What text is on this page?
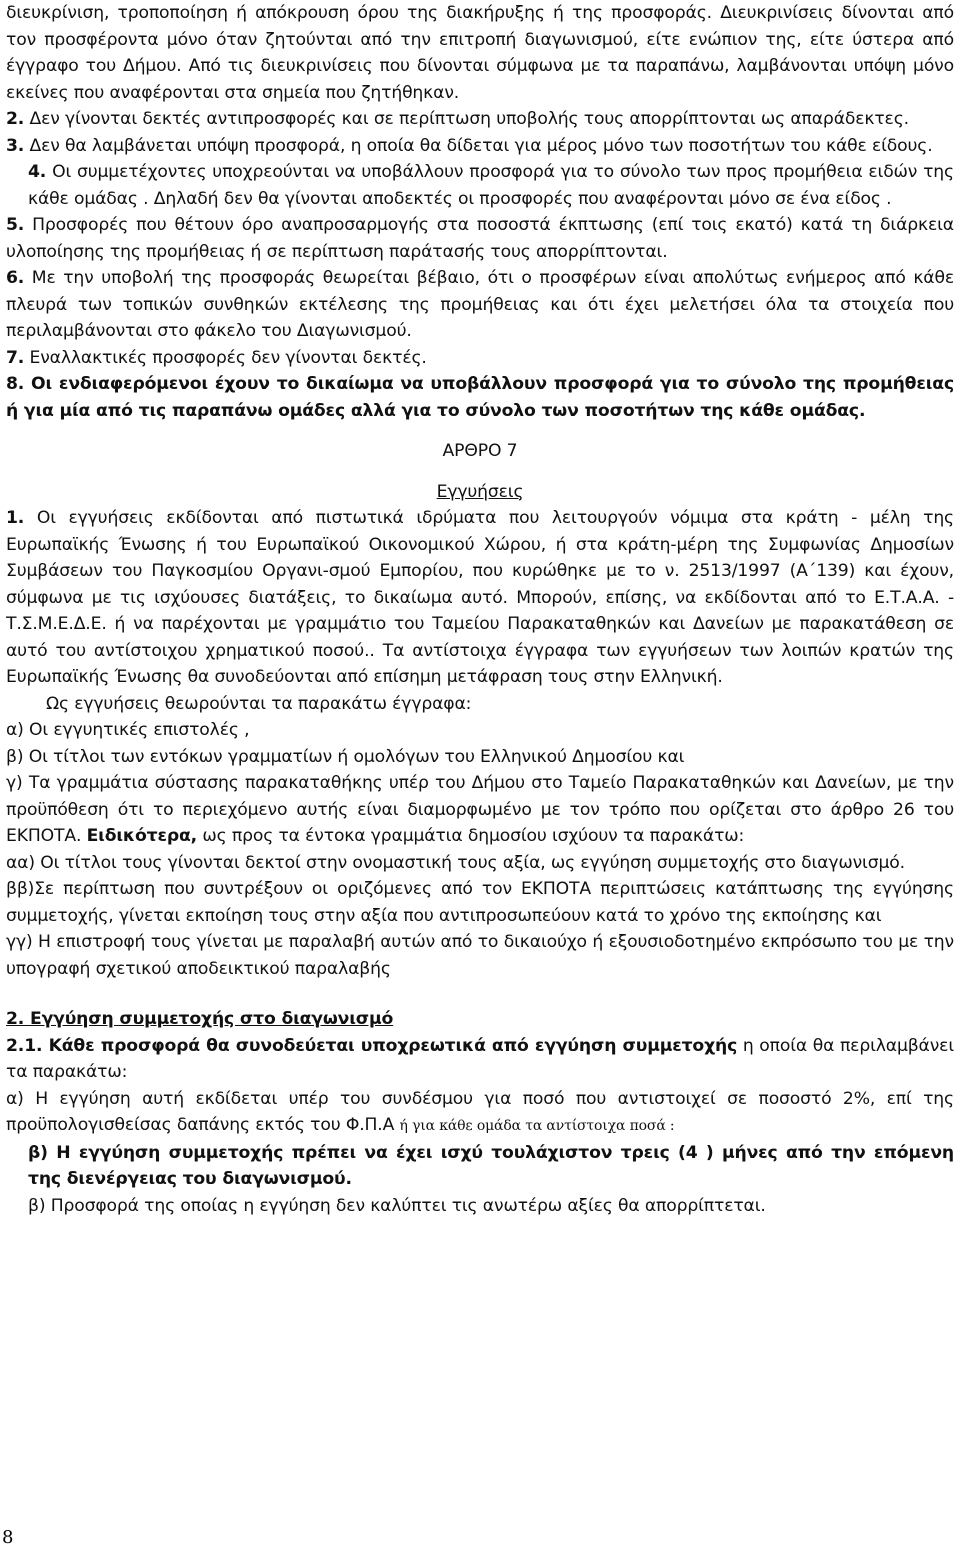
διευκρίνιση, τροποποίηση ή απόκρουση όρου της διακήρυξης ή της προσφοράς. Διευκρινίσεις δίνονται από τον προσφέροντα μόνο όταν ζητούνται από την επιτροπή διαγωνισμού, είτε ενώπιον της, είτε ύστερα από έγγραφο του Δήμου. Από τις διευκρινίσεις που δίνονται σύμφωνα με τα παραπάνω, λαμβάνονται υπόψη μόνο εκείνες που αναφέρονται στα σημεία που ζητήθηκαν.

2. Δεν γίνονται δεκτές αντιπροσφορές και σε περίπτωση υποβολής τους απορρίπτονται ως απαράδεκτες.

3. Δεν θα λαμβάνεται υπόψη προσφορά, η οποία θα δίδεται για μέρος μόνο των ποσοτήτων του κάθε είδους.

4. Οι συμμετέχοντες υποχρεούνται να υποβάλλουν προσφορά για το σύνολο των προς προμήθεια ειδών της κάθε ομάδας . Δηλαδή δεν θα γίνονται αποδεκτές οι προσφορές που αναφέρονται μόνο σε ένα είδος .

5. Προσφορές που θέτουν όρο αναπροσαρμογής στα ποσοστά έκπτωσης (επί τοις εκατό) κατά τη διάρκεια υλοποίησης της προμήθειας ή σε περίπτωση παράτασής τους απορρίπτονται.

6. Με την υποβολή της προσφοράς θεωρείται βέβαιο, ότι ο προσφέρων είναι απολύτως ενήμερος από κάθε πλευρά των τοπικών συνθηκών εκτέλεσης της προμήθειας και ότι έχει μελετήσει όλα τα στοιχεία που περιλαμβάνονται στο φάκελο του Διαγωνισμού.

7. Εναλλακτικές προσφορές δεν γίνονται δεκτές.

8. Οι ενδιαφερόμενοι έχουν το δικαίωμα να υποβάλλουν προσφορά για το σύνολο της προμήθειας ή για μία από τις παραπάνω ομάδες αλλά για το σύνολο των ποσοτήτων της κάθε ομάδας.

ΑΡΘΡΟ 7

Εγγυήσεις

1. Οι εγγυήσεις εκδίδονται από πιστωτικά ιδρύματα που λειτουργούν νόμιμα στα κράτη - μέλη της Ευρωπαϊκής Ένωσης ή του Ευρωπαϊκού Οικονομικού Χώρου, ή στα κράτη-μέρη της Συμφωνίας Δημοσίων Συμβάσεων του Παγκοσμίου Οργανι-σμού Εμπορίου, που κυρώθηκε με το ν. 2513/1997 (Α΄139) και έχουν, σύμφωνα με τις ισχύουσες διατάξεις, το δικαίωμα αυτό. Μπορούν, επίσης, να εκδίδονται από το Ε.Τ.Α.Α. - Τ.Σ.Μ.Ε.Δ.Ε. ή να παρέχονται με γραμμάτιο του Ταμείου Παρακαταθηκών και Δανείων με παρακατάθεση σε αυτό του αντίστοιχου χρηματικού ποσού.. Τα αντίστοιχα έγγραφα των εγγυήσεων των λοιπών κρατών της Ευρωπαϊκής Ένωσης θα συνοδεύονται από επίσημη μετάφραση τους στην Ελληνική.

Ως εγγυήσεις θεωρούνται τα παρακάτω έγγραφα:

α) Οι εγγυητικές επιστολές ,

β) Οι τίτλοι των εντόκων γραμματίων ή ομολόγων του Ελληνικού Δημοσίου και

γ) Τα γραμμάτια σύστασης παρακαταθήκης υπέρ του Δήμου στο Ταμείο Παρακαταθηκών και Δανείων, με την προϋπόθεση ότι το περιεχόμενο αυτής είναι διαμορφωμένο με τον τρόπο που ορίζεται στο άρθρο 26 του ΕΚΠΟΤΑ. Ειδικότερα, ως προς τα έντοκα γραμμάτια δημοσίου ισχύουν τα παρακάτω:

αα) Οι τίτλοι τους γίνονται δεκτοί στην ονομαστική τους αξία, ως εγγύηση συμμετοχής στο διαγωνισμό.

ββ)Σε περίπτωση που συντρέξουν οι οριζόμενες από τον ΕΚΠΟΤΑ περιπτώσεις κατάπτωσης της εγγύησης συμμετοχής, γίνεται εκποίηση τους στην αξία που αντιπροσωπεύουν κατά το χρόνο της εκποίησης και

γγ) Η επιστροφή τους γίνεται με παραλαβή αυτών από το δικαιούχο ή εξουσιοδοτημένο εκπρόσωπο του με την υπογραφή σχετικού αποδεικτικού παραλαβής

2. Εγγύηση συμμετοχής στο διαγωνισμό

2.1. Κάθε προσφορά θα συνοδεύεται υποχρεωτικά από εγγύηση συμμετοχής η οποία θα περιλαμβάνει τα παρακάτω:

α) Η εγγύηση αυτή εκδίδεται υπέρ του συνδέσμου για ποσό που αντιστοιχεί σε ποσοστό 2%, επί της προϋπολογισθείσας δαπάνης εκτός του Φ.Π.Α ή για κάθε ομάδα τα αντίστοιχα ποσά :

β) Η εγγύηση συμμετοχής πρέπει να έχει ισχύ τουλάχιστον τρεις (4 ) μήνες από την επόμενη της διενέργειας του διαγωνισμού.

β) Προσφορά της οποίας η εγγύηση δεν καλύπτει τις ανωτέρω αξίες θα απορρίπτεται.

8
